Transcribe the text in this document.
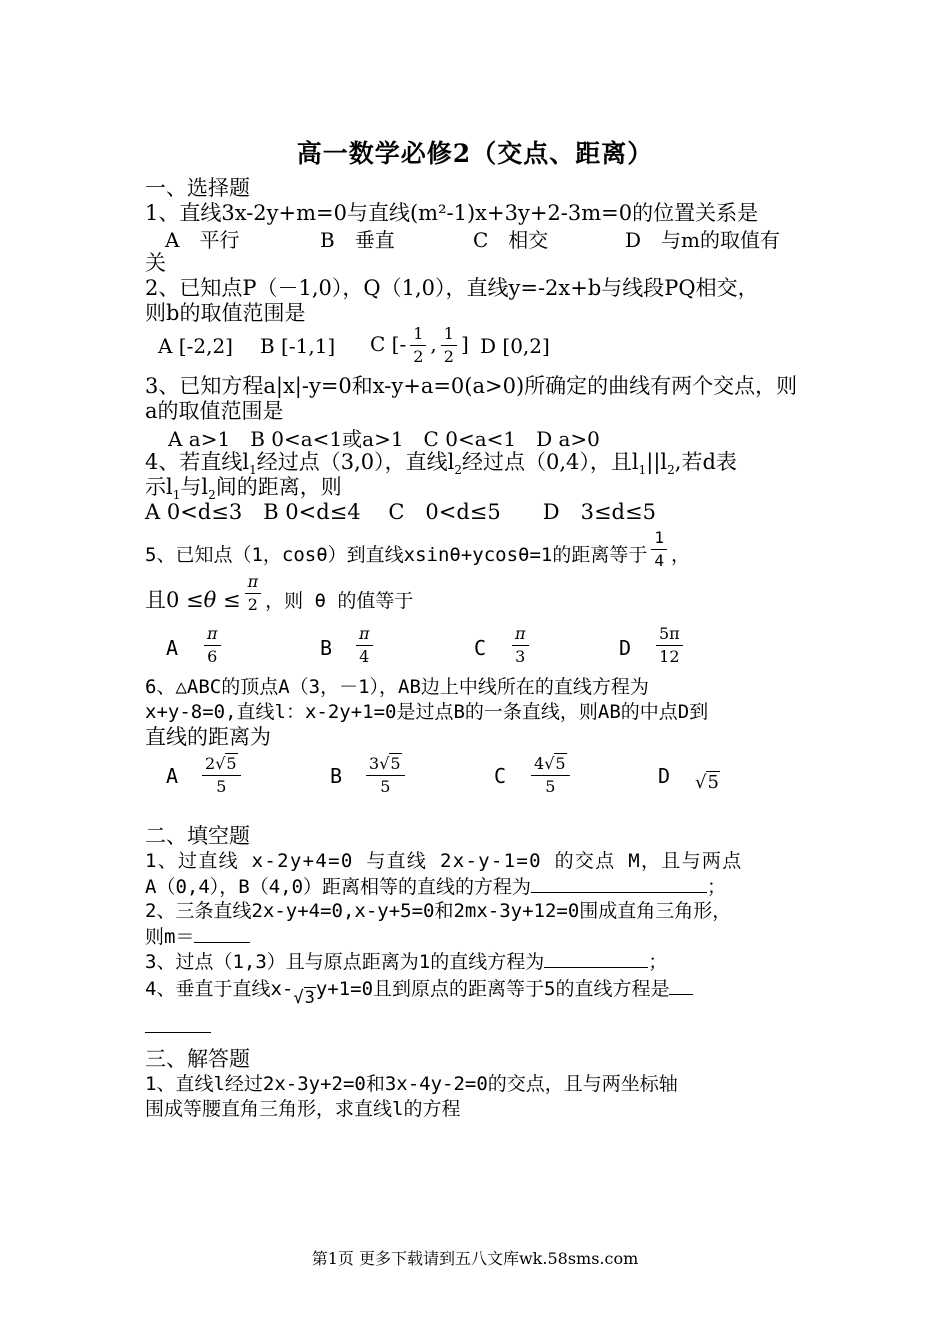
高一数学必修2（交点、距离）
一、选择题
1、直线3x-2y+m=0与直线(m²-1)x+3y+2-3m=0的位置关系是
A　平行	B　垂直	C　相交	D　与m的取值有
关
2、已知点P（－1,0），Q（1,0），直线y=-2x+b与线段PQ相交，
则b的取值范围是
A [-2,2] B [-1,1] C [- $\frac{1}{2}$ , $\frac{1}{2}$ ] D [0,2]
3、已知方程a|x|-y=0和x-y+a=0(a>0)所确定的曲线有两个交点，则
a的取值范围是
A a>1　B 0<a<1或a>1　C 0<a<1　D a>0
4、若直线$l_1$经过点（3,0），直线$l_2$经过点（0,4），且$l_1||l_2$,若d表
示$l_1$与$l_2$间的距离，则
A 0<d≤3　B 0<d≤4　 C　0<d≤5　　D　3≤d≤5
5、已知点（1，cosθ）到直线xsinθ+ycosθ=1的距离等于 $\frac{1}{4}$ ，
且$0 \le\theta \le \frac{\pi}{2}$ ，则 θ 的值等于
A $\frac{\pi}{6}$	B $\frac{\pi}{4}$	C $\frac{\pi}{3}$	D $\frac{5\pi}{12}$
6、△ABC的顶点A（3，－1），AB边上中线所在的直线方程为
x+y-8=0,直线l：x-2y+1=0是过点B的一条直线，则AB的中点D到
直线的距离为
A $\frac{2√5}{5}$	B $\frac{3√5}{5}$	C $\frac{4√5}{5}$	D √5
二、填空题
1、过直线 x-2y+4=0 与直线 2x-y-1=0 的交点 M，且与两点
A（0,4），B（4,0）距离相等的直线的方程为	；
2、三条直线2x-y+4=0,x-y+5=0和2mx-3y+12=0围成直角三角形，
则m＝
3、过点（1,3）且与原点距离为1的直线方程为	；
4、垂直于直线x-√3y+1=0且到原点的距离等于5的直线方程是
三、解答题
1、直线l经过2x-3y+2=0和3x-4y-2=0的交点，且与两坐标轴
围成等腰直角三角形，求直线l的方程
第1页 更多下载请到五八文库wk.58sms.com
